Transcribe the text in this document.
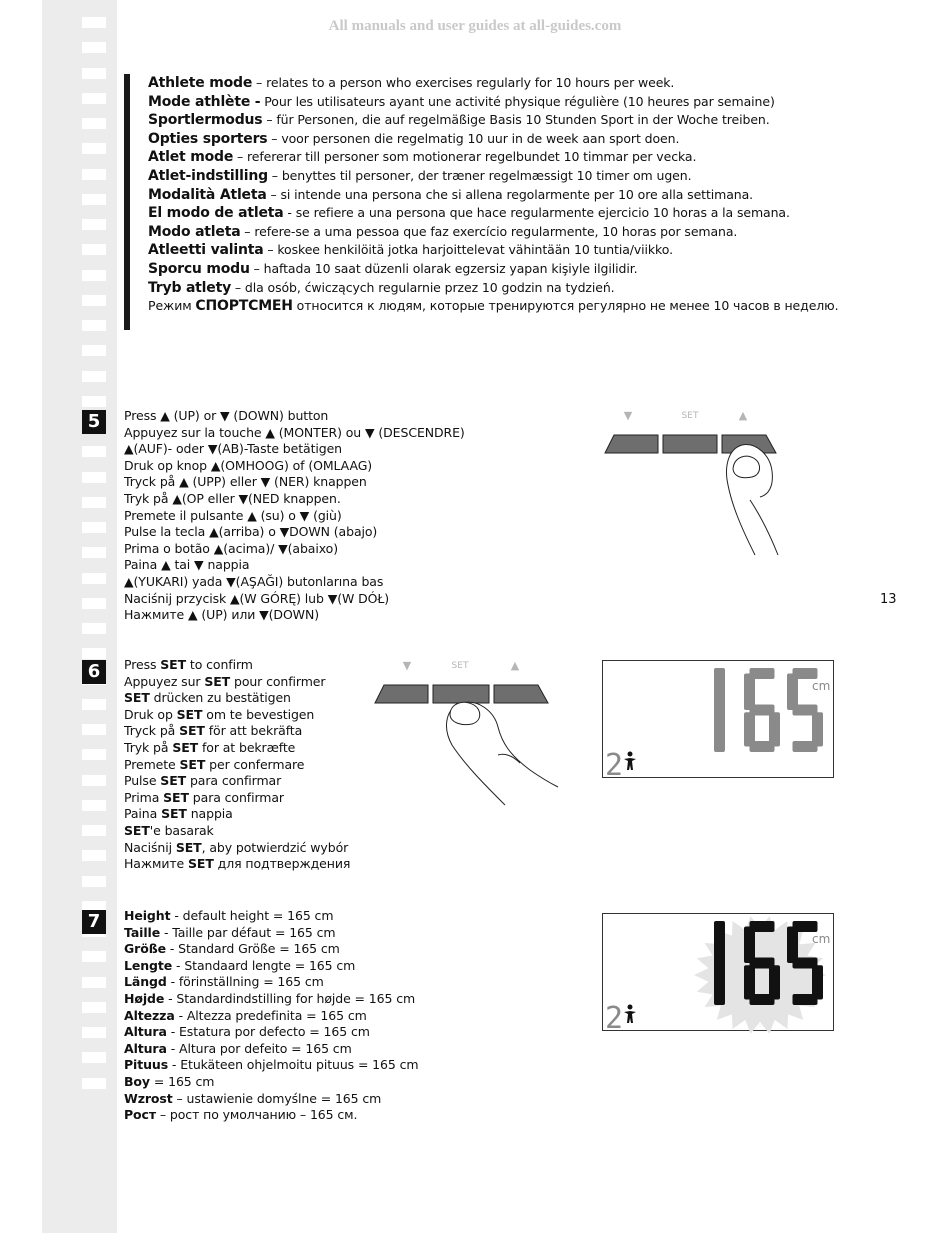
All manuals and user guides at all-guides.com
13
Athlete mode – relates to a person who exercises regularly for 10 hours per week.
Mode athlète - Pour les utilisateurs ayant une activité physique régulière (10 heures par semaine)
Sportlermodus – für Personen, die auf regelmäßige Basis 10 Stunden Sport in der Woche treiben.
Opties sporters – voor personen die regelmatig 10 uur in de week aan sport doen.
Atlet mode – refererar till personer som motionerar regelbundet 10 timmar per vecka.
Atlet-indstilling – benyttes til personer, der træner regelmæssigt 10 timer om ugen.
Modalità Atleta – si intende una persona che si allena regolarmente per 10 ore alla settimana.
El modo de atleta - se refiere a una persona que hace regularmente ejercicio 10 horas a la semana.
Modo atleta – refere-se a uma pessoa que faz exercício regularmente, 10 horas por semana.
Atleetti valinta – koskee henkilöitä jotka harjoittelevat vähintään 10 tuntia/viikko.
Sporcu modu – haftada 10 saat düzenli olarak egzersiz yapan kişiyle ilgilidir.
Tryb atlety – dla osób, ćwiczących regularnie przez 10 godzin na tydzień.
Режим СПОРТСМЕН относится к людям, которые тренируются регулярно не менее 10 часов в неделю.
5	Press ▲ (UP) or ▼ (DOWN) button
Appuyez sur la touche ▲ (MONTER) ou ▼ (DESCENDRE)
▲(AUF)- oder ▼(AB)-Taste betätigen
Druk op knop ▲(OMHOOG) of (OMLAAG)
Tryck på ▲ (UPP) eller ▼ (NER) knappen
Tryk på ▲(OP eller ▼(NED knappen.
Premete il pulsante ▲ (su) o ▼ (giù)
Pulse la tecla ▲(arriba) o ▼DOWN (abajo)
Prima o botão ▲(acima)/ ▼(abaixo)
Paina ▲ tai ▼ nappia
▲(YUKARI) yada ▼(AŞAĞI) butonlarına bas
Naciśnij przycisk ▲(W GÓRĘ) lub ▼(W DÓŁ)
Нажмите ▲ (UP) или ▼(DOWN)
6	Press SET to confirm
Appuyez sur SET pour confirmer
SET drücken zu bestätigen
Druk op SET om te bevestigen
Tryck på SET för att bekräfta
Tryk på SET for at bekræfte
Premete SET per confermare
Pulse SET para confirmar
Prima SET para confirmar
Paina SET nappia
SET'e basarak
Naciśnij SET, aby potwierdzić wybór
Нажмите SET для подтверждения
7	Height - default height = 165 cm
Taille - Taille par défaut = 165 cm
Größe - Standard Größe = 165 cm
Lengte - Standaard lengte = 165 cm
Längd - förinställning = 165 cm
Højde - Standardindstilling for højde = 165 cm
Altezza - Altezza predefinita = 165 cm
Altura - Estatura por defecto = 165 cm
Altura - Altura por defeito = 165 cm
Pituus - Etukäteen ohjelmoitu pituus = 165 cm
Boy = 165 cm
Wzrost – ustawienie domyślne = 165 cm
Рост – рост по умолчанию – 165 см.
▼	SET	▲
▼	SET	▲
cm
2
cm
2
